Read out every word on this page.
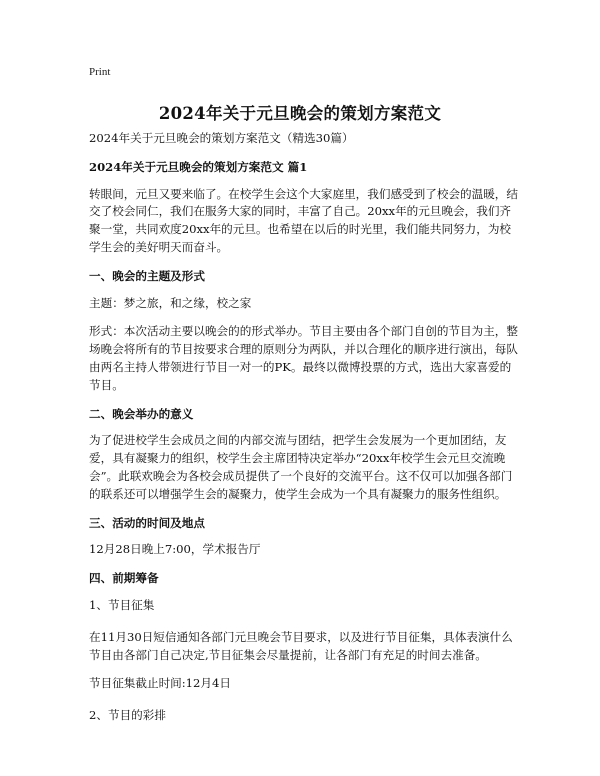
Print
2024年关于元旦晚会的策划方案范文

2024年关于元旦晚会的策划方案范文（精选30篇）

2024年关于元旦晚会的策划方案范文 篇1

转眼间，元旦又要来临了。在校学生会这个大家庭里，我们感受到了校会的温暖，结交了校会同仁，我们在服务大家的同时，丰富了自己。20xx年的元旦晚会，我们齐聚一堂，共同欢度20xx年的元旦。也希望在以后的时光里，我们能共同努力，为校学生会的美好明天而奋斗。

一、晚会的主题及形式

主题：梦之旅，和之缘，校之家

形式：本次活动主要以晚会的的形式举办。节目主要由各个部门自创的节目为主，整场晚会将所有的节目按要求合理的原则分为两队，并以合理化的顺序进行演出，每队由两名主持人带领进行节目一对一的PK。最终以微博投票的方式，选出大家喜爱的节目。

二、晚会举办的意义

为了促进校学生会成员之间的内部交流与团结，把学生会发展为一个更加团结，友爱，具有凝聚力的组织，校学生会主席团特决定举办“20xx年校学生会元旦交流晚会”。此联欢晚会为各校会成员提供了一个良好的交流平台。这不仅可以加强各部门的联系还可以增强学生会的凝聚力，使学生会成为一个具有凝聚力的服务性组织。

三、活动的时间及地点

12月28日晚上7:00，学术报告厅

四、前期筹备

1、节目征集

在11月30日短信通知各部门元旦晚会节目要求，以及进行节目征集，具体表演什么节目由各部门自己决定,节目征集会尽量提前，让各部门有充足的时间去准备。

节目征集截止时间:12月4日

2、节目的彩排
